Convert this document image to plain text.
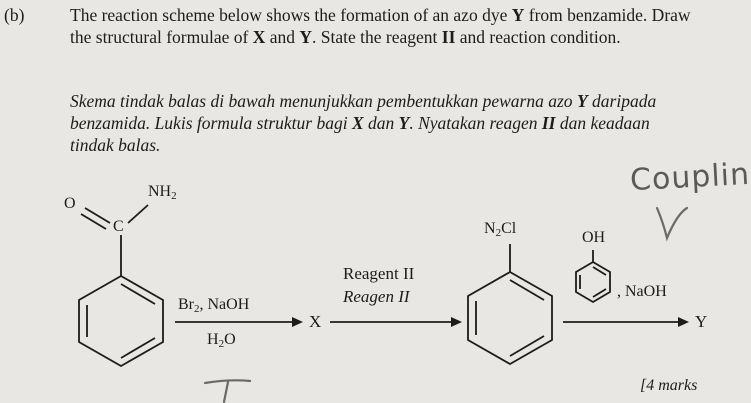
(b)	The reaction scheme below shows the formation of an azo dye Y from benzamide. Draw the structural formulae of X and Y. State the reagent II and reaction condition.
Skema tindak balas di bawah menunjukkan pembentukkan pewarna azo Y daripada benzamida. Lukis formula struktur bagi X dan Y. Nyatakan reagen II dan keadaan tindak balas.
O
C
$NH_2$
$Br_2$, NaOH
$H_2O$
X
Reagent II
Reagen II
$N_2Cl$
OH
, NaOH
Y
[4 marks
Couplin
